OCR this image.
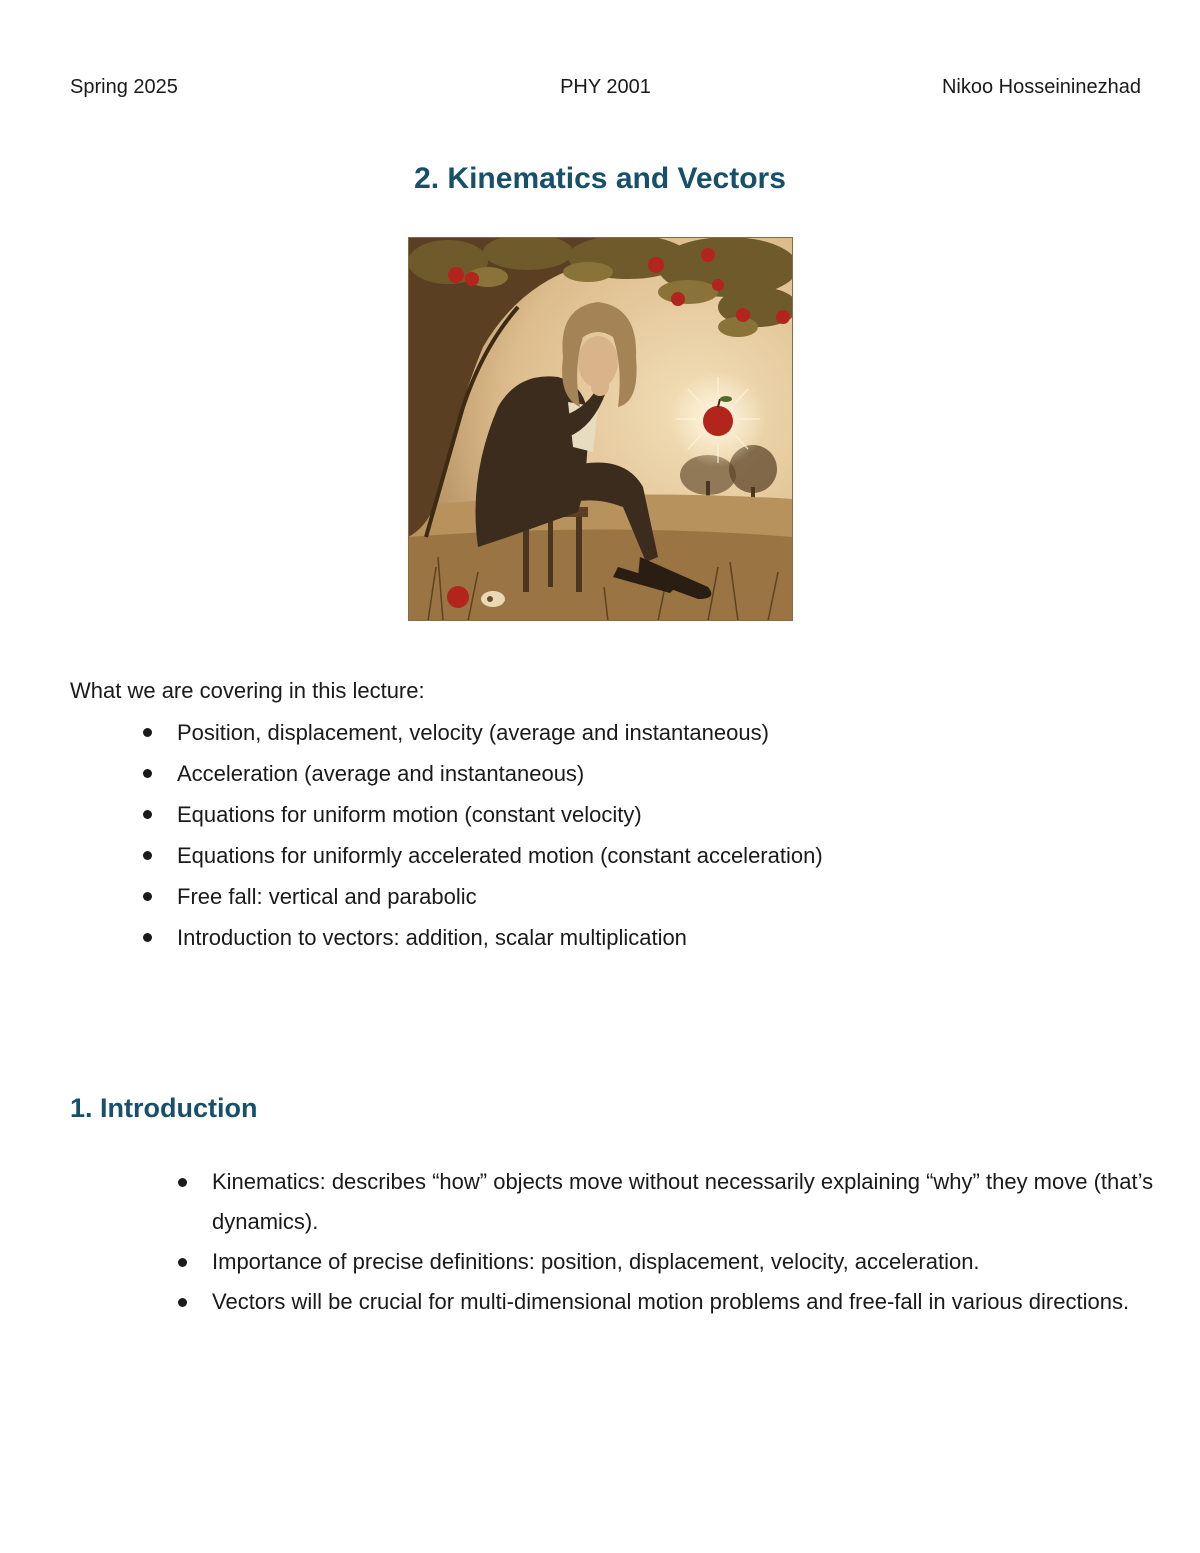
Spring 2025	PHY 2001	Nikoo Hosseininezhad
2. Kinematics and Vectors
What we are covering in this lecture:
Position, displacement, velocity (average and instantaneous)
Acceleration (average and instantaneous)
Equations for uniform motion (constant velocity)
Equations for uniformly accelerated motion (constant acceleration)
Free fall: vertical and parabolic
Introduction to vectors: addition, scalar multiplication
1. Introduction
Kinematics: describes “how” objects move without necessarily explaining “why” they move (that’s dynamics).
Importance of precise definitions: position, displacement, velocity, acceleration.
Vectors will be crucial for multi-dimensional motion problems and free-fall in various directions.
